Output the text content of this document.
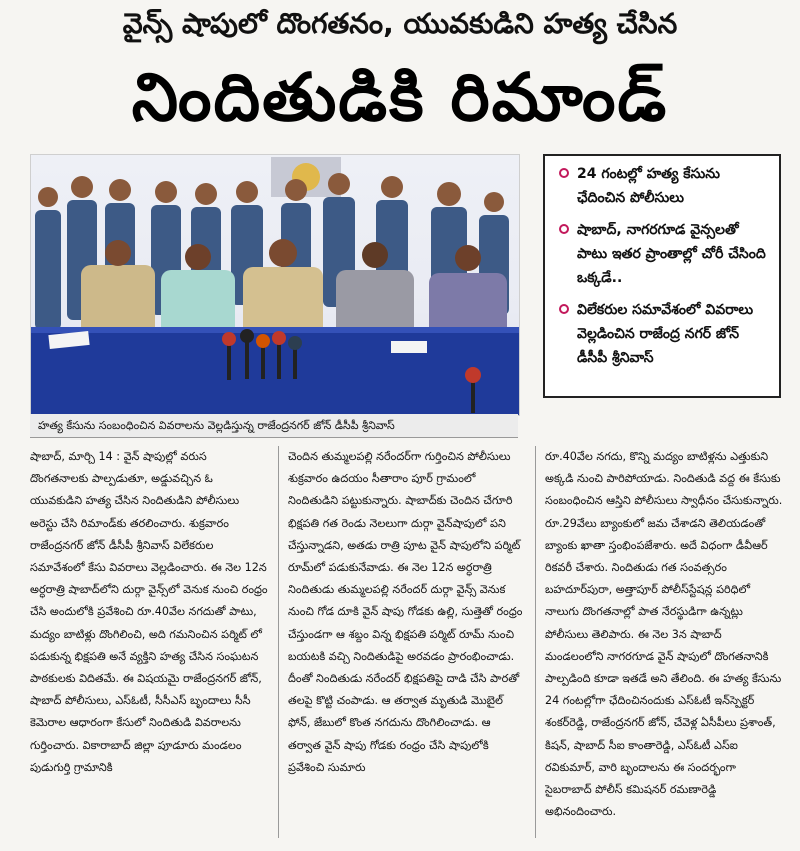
వైన్స్ షాపులో దొంగతనం, యువకుడిని హత్య చేసిన
నిందితుడికి రిమాండ్
హత్య కేసును సంబంధించిన వివరాలను వెల్లడిస్తున్న రాజేంద్రనగర్ జోన్ డీసీపీ శ్రీనివాస్
24 గంటల్లో హత్య కేసును ఛేదించిన పోలీసులు
షాబాద్, నాగరగూడ వైన్సలతో పాటు ఇతర ప్రాంతాల్లో చోరీ చేసింది ఒక్కడే..
విలేకరుల సమావేశంలో వివరాలు వెల్లడించిన రాజేంద్ర నగర్ జోన్ డీసీపీ శ్రీనివాస్

షాబాద్, మార్చి 14 : వైన్ షాపుల్లో వరుస దొంగతనాలకు పాల్పడుతూ, అడ్డువచ్చిన ఓ యువకుడిని హత్య చేసిన నిందితుడిని పోలీసులు అరెస్టు చేసి రిమాండ్‌కు తరలించారు. శుక్రవారం రాజేంద్రనగర్ జోన్ డీసీపీ శ్రీనివాస్ విలేకరుల సమావేశంలో కేసు వివరాలు వెల్లడించారు. ఈ నెల 12న అర్ధరాత్రి షాబాద్‌లోని దుర్గా వైన్స్‌లో వెనుక నుంచి రంధ్రం చేసి అందులోకి ప్రవేశించి రూ.40వేల నగదుతో పాటు, మద్యం బాటిళ్లు దొంగిలించి, అది గమనించిన పర్మిట్ లో పడుకున్న భిక్షపతి అనే వ్యక్తిని హత్య చేసిన సంఘటన పాఠకులకు విదితమే. ఈ విషయమై రాజేంద్రనగర్ జోన్, షాబాద్ పోలీసులు, ఎస్ఓటీ, సీసీఎస్ బృందాలు సీసీ కెమెరాల ఆధారంగా కేసులో నిందితుడి వివరాలను గుర్తించారు. వికారాబాద్ జిల్లా పూడూరు మండలం పుడుగుర్తి గ్రామానికి

చెందిన తుమ్మలపల్లి నరేందర్‌గా గుర్తించిన పోలీసులు శుక్రవారం ఉదయం సీతారాం పూర్ గ్రామంలో నిందితుడిని పట్టుకున్నారు. షాబాద్‌కు చెందిన చేగూరి భిక్షపతి గత రెండు నెలలుగా దుర్గా వైన్‌షాపులో పని చేస్తున్నాడని, అతడు రాత్రి పూట వైన్ షాపులోని పర్మిట్ రూమ్‌లో పడుకునేవాడు. ఈ నెల 12న అర్ధరాత్రి నిందితుడు తుమ్మలపల్లి నరేందర్ దుర్గా వైన్స్ వెనుక నుంచి గోడ దూకి వైన్ షాపు గోడకు ఉల్లి, సుత్తెతో రంధ్రం చేస్తుండగా ఆ శబ్దం విన్న భిక్షపతి పర్మిట్ రూమ్ నుంచి బయటకి వచ్చి నిందితుడిపై అరవడం ప్రారంభించాడు. దీంతో నిందితుడు నరేందర్ భిక్షపతిపై దాడి చేసి పారతో తలపై కొట్టి చంపాడు. ఆ తర్వాత మృతుడి మొబైల్ ఫోన్, జేబులో కొంత నగదును దొంగిలించాడు. ఆ తర్వాత వైన్ షాపు గోడకు రంధ్రం చేసి షాపులోకి ప్రవేశించి సుమారు

రూ.40వేల నగదు, కొన్ని మద్యం బాటిళ్లను ఎత్తుకుని అక్కడి నుంచి పారిపోయాడు. నిందితుడి వద్ద ఈ కేసుకు సంబంధించిన ఆస్తిని పోలీసులు స్వాధీనం చేసుకున్నారు. రూ.29వేలు బ్యాంకులో జమ చేశాడని తెలియడంతో బ్యాంకు ఖాతా స్తంభింపజేశారు. అదే విధంగా డీవీఆర్ రికవరీ చేశారు. నిందితుడు గత సంవత్సరం బహదూర్‌పురా, అత్తాపూర్ పోలీస్‌స్టేషన్ల పరిధిలో నాలుగు దొంగతనాల్లో పాత నేరస్థుడిగా ఉన్నట్లు పోలీసులు తెలిపారు. ఈ నెల 3న షాబాద్ మండలంలోని నాగరగూడ వైన్ షాపులో దొంగతనానికి పాల్పడింది కూడా ఇతడే అని తేలింది. ఈ హత్య కేసును 24 గంటల్లోగా ఛేదించినందుకు ఎస్ఓటీ ఇన్‌స్పెక్టర్ శంకర్‌రెడ్డి, రాజేంద్రనగర్ జోన్, చేవెళ్ల ఏసీపీలు ప్రశాంత్, కిషన్, షాబాద్ సీఐ కాంతారెడ్డి, ఎస్ఓటీ ఎస్ఐ రవికుమార్, వారి బృందాలను ఈ సందర్భంగా సైబరాబాద్ పోలీస్ కమిషనర్ రమణారెడ్డి అభినందించారు.
